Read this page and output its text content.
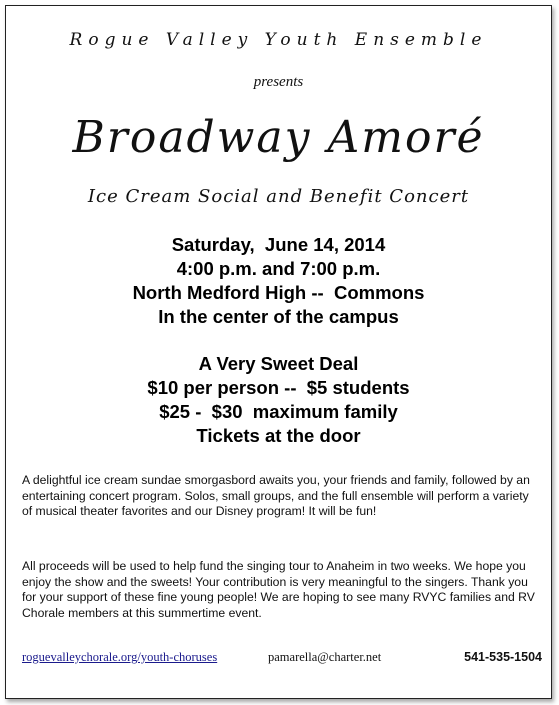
Rogue Valley Youth Ensemble
presents
Broadway Amoré
Ice Cream Social and Benefit Concert
Saturday,  June 14, 2014
4:00 p.m. and 7:00 p.m.
North Medford High --  Commons
In the center of the campus
A Very Sweet Deal
$10 per person --  $5 students
$25 -  $30  maximum family
Tickets at the door

A delightful ice cream sundae smorgasbord awaits you, your friends and family, followed by an entertaining concert program. Solos, small groups, and the full ensemble will perform a variety of musical theater favorites and our Disney program! It will be fun!

All proceeds will be used to help fund the singing tour to Anaheim in two weeks. We hope you enjoy the show and the sweets! Your contribution is very meaningful to the singers. Thank you for your support of these fine young people! We are hoping to see many RVYC families and RV Chorale members at this summertime event.

roguevalleychorale.org/youth-choruses	pamarella@charter.net	541-535-1504
